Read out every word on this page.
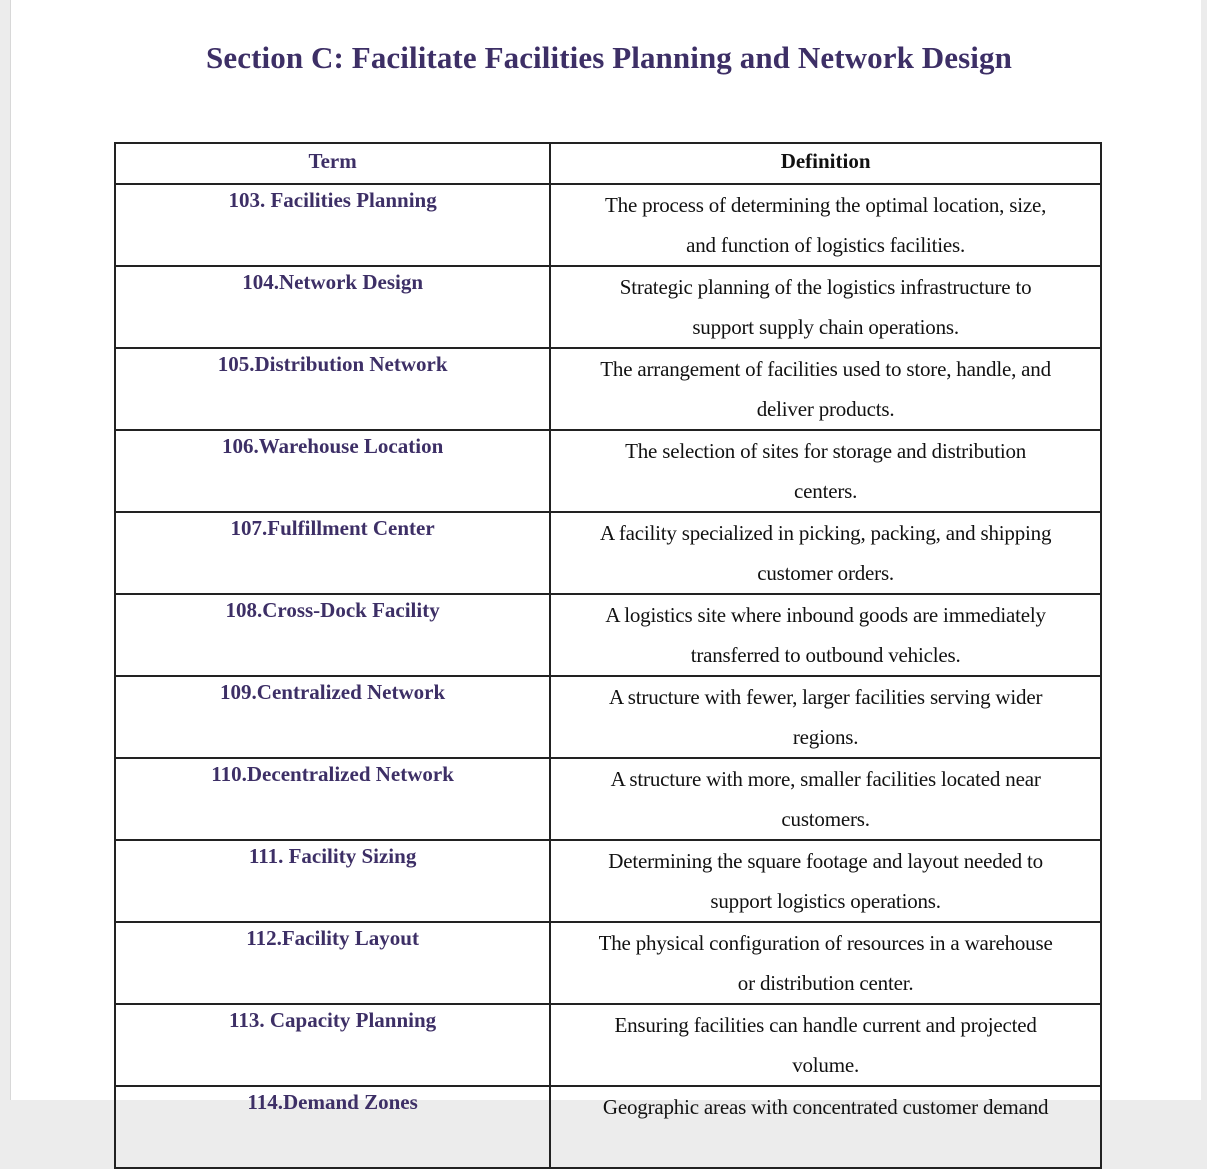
Section C: Facilitate Facilities Planning and Network Design
Term	Definition
103. Facilities Planning	The process of determining the optimal location, size,
and function of logistics facilities.

104.Network Design	Strategic planning of the logistics infrastructure to
support supply chain operations.

105.Distribution Network	The arrangement of facilities used to store, handle, and
deliver products.

106.Warehouse Location	The selection of sites for storage and distribution
centers.

107.Fulfillment Center	A facility specialized in picking, packing, and shipping
customer orders.

108.Cross-Dock Facility	A logistics site where inbound goods are immediately
transferred to outbound vehicles.

109.Centralized Network	A structure with fewer, larger facilities serving wider
regions.

110.Decentralized Network	A structure with more, smaller facilities located near
customers.

111. Facility Sizing	Determining the square footage and layout needed to
support logistics operations.

112.Facility Layout	The physical configuration of resources in a warehouse
or distribution center.

113. Capacity Planning	Ensuring facilities can handle current and projected
volume.

114.Demand Zones	Geographic areas with concentrated customer demand
